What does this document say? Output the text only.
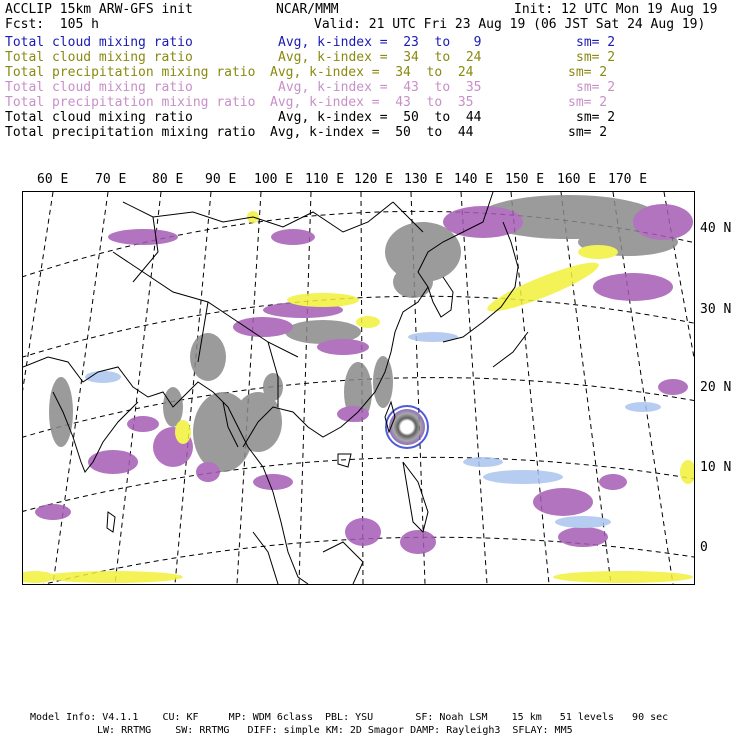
ACCLIP 15km ARW-GFS init	NCAR/MMM	Init: 12 UTC Mon 19 Aug 19
Fcst:  105 h	Valid: 21 UTC Fri 23 Aug 19 (06 JST Sat 24 Aug 19)
Total cloud mixing ratio	Avg, k-index =  23  to   9	sm= 2
Total cloud mixing ratio	Avg, k-index =  34  to  24	sm= 2
Total precipitation mixing ratio Avg, k-index =  34  to  24	sm= 2
Total cloud mixing ratio	Avg, k-index =  43  to  35	sm= 2
Total precipitation mixing ratio Avg, k-index =  43  to  35	sm= 2
Total cloud mixing ratio	Avg, k-index =  50  to  44	sm= 2
Total precipitation mixing ratio Avg, k-index =  50  to  44	sm= 2
60 E 70 E 80 E 90 E 100 E 110 E 120 E 130 E 140 E 150 E 160 E 170 E
40 N
30 N
20 N
10 N
0
Model Info: V4.1.1    CU: KF     MP: WDM 6class  PBL: YSU       SF: Noah LSM    15 km   51 levels   90 sec
LW: RRTMG    SW: RRTMG   DIFF: simple KM: 2D Smagor DAMP: Rayleigh3  SFLAY: MM5
